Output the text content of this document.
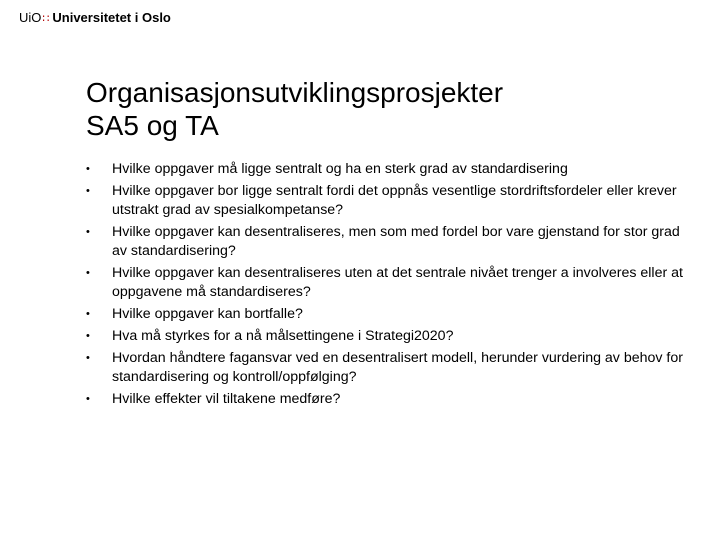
UiO ∷ Universitetet i Oslo
Organisasjonsutviklingsprosjekter
SA5 og TA
• Hvilke oppgaver må ligge sentralt og ha en sterk grad av standardisering
• Hvilke oppgaver bor ligge sentralt fordi det oppnås vesentlige stordriftsfordeler eller krever utstrakt grad av spesialkompetanse?
• Hvilke oppgaver kan desentraliseres, men som med fordel bor vare gjenstand for stor grad av standardisering?
• Hvilke oppgaver kan desentraliseres uten at det sentrale nivået trenger a involveres eller at oppgavene må standardiseres?
• Hvilke oppgaver kan bortfalle?
• Hva må styrkes for a nå målsettingene i Strategi2020?
• Hvordan håndtere fagansvar ved en desentralisert modell, herunder vurdering av behov for standardisering og kontroll/oppfølging?
• Hvilke effekter vil tiltakene medføre?
